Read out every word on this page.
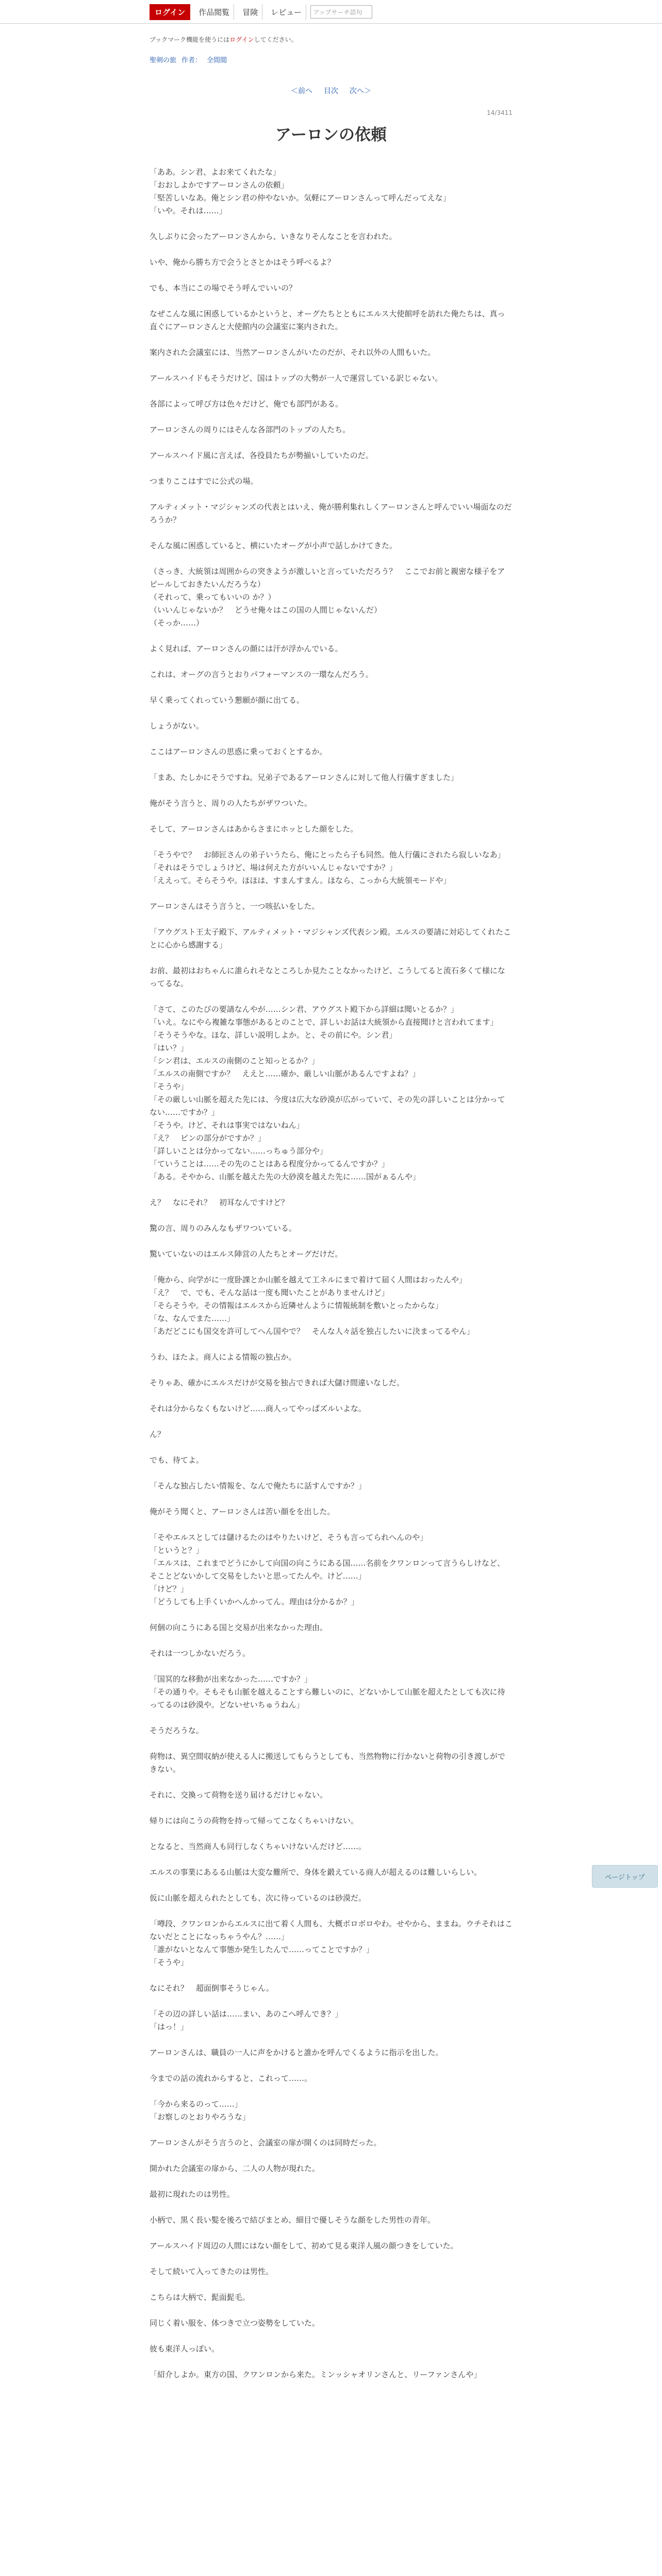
ログイン	作品閲覧	冒険	レビュー	アップサーチ語句
ブックマーク機能を使うにはログインしてください。
聖剣の旅 作者： 全間閲
＜前へ 目次 次へ＞
14/3411
アーロンの依頼

「ああ。シン君、よお来てくれたな」
「おおしよかですアーロンさんの依頼」
「堅苦しいなあ。俺とシン君の仲やないか。気軽にアーロンさんって呼んだってえな」
「いや。それは……」

久しぶりに会ったアーロンさんから、いきなりそんなことを言われた。

いや、俺から勝ち方で会うとさとかはそう呼べるよ？

でも、本当にこの場でそう呼んでいいの？

なぜこんな風に困惑しているかというと、オーグたちとともにエルス大使館呼を訪れた俺たちは、真っ直ぐにアーロンさんと大使館内の会議室に案内された。

案内された会議室には、当然アーロンさんがいたのだが、それ以外の人間もいた。

アールスハイドもそうだけど、国はトップの大勢が一人で運営している訳じゃない。

各部によって呼び方は色々だけど、俺でも部門がある。

アーロンさんの周りにはそんな各部門のトップの人たち。

アールスハイド風に言えば、各役員たちが勢揃いしていたのだ。

つまりここはすでに公式の場。

アルティメット・マジシャンズの代表とはいえ、俺が勝利集れしくアーロンさんと呼んでいい場面なのだろうか？

そんな風に困惑していると、横にいたオーグが小声で話しかけてきた。

（さっき、大統領は周囲からの突きようが激しいと言っていただろう？　ここでお前と親密な様子をアピールしておきたいんだろうな）
（それって、乗ってもいいの か？）
（いいんじゃないか？　どうせ俺々はこの国の人間じゃないんだ）
（そっか……）

よく見れば、アーロンさんの顔には汗が浮かんでいる。

これは、オーグの言うとおりパフォーマンスの一環なんだろう。

早く乗ってくれっていう懇願が顔に出てる。

しょうがない。

ここはアーロンさんの思惑に乗っておくとするか。

「まあ、たしかにそうですね。兄弟子であるアーロンさんに対して他人行儀すぎました」

俺がそう言うと、周りの人たちがザワついた。

そして、アーロンさんはあからさまにホッとした顔をした。

「そうやで？　お師匠さんの弟子いうたら、俺にとったら子も同然。他人行儀にされたら寂しいなあ」
「それはそうでしょうけど、場は何えた方がいいんじゃないですか？」
「ええって。そらそうや。ほほは、すまんすまん。ほなら、こっから大統領モードや」

アーロンさんはそう言うと、一つ咳払いをした。

「アウグスト王太子殿下、アルティメット・マジシャンズ代表シン殿。エルスの要請に対応してくれたことに心から感謝する」

お前、最初はおちゃんに誰られそなところしか見たことなかったけど、こうしてると流石多くて様になってるな。

「さて、このたびの要請なんやが……シン君、アウグスト殿下から詳細は聞いとるか？」
「いえ。なにやら複雑な事態があるとのことで、詳しいお話は大統領から直接聞けと言われてます」
「そうそうやな。ほな、詳しい説明しよか。と、その前にや。シン君」
「はい？」
「シン君は、エルスの南側のこと知っとるか？」
「エルスの南側ですか？　ええと……確か、厳しい山脈があるんですよね？」
「そうや」
「その厳しい山脈を超えた先には、今度は広大な砂漠が広がっていて、その先の詳しいことは分かってない……ですか？」
「そうや。けど、それは事実ではないねん」
「え？　ピンの部分がですか？」
「詳しいことは分かってない……っちゅう部分や」
「ていうことは……その先のことはある程度分かってるんですか？」
「ある。そやから、山脈を越えた先の大砂漠を越えた先に……国がぁるんや」

え？　なにそれ？　初耳なんですけど？

驚の言、周りのみんなもザワついている。

驚いていないのはエルス陣営の人たちとオーグだけだ。

「俺から、向学がに一度卧課とか山脈を越えて工ネルにまで着けて届く人間はおったんや」
「え？　で、でも、そんな話は一度も聞いたことがありませんけど」
「そらそうや。その情報はエルスから近隣せんように情報統制を敷いとったからな」
「な、なんでまた……」
「あだどこにも国交を許可してへん国やで？　そんな人々話を独占したいに決まってるやん」

うわ、ほたよ。商人による情報の独占か。

そりゃあ、確かにエルスだけが交易を独占できれば大儲け間違いなしだ。

それは分からなくもないけど……商人ってやっぱズルいよな。

ん？

でも、待てよ。

「そんな独占したい情報を、なんで俺たちに話すんですか？」

俺がそう聞くと、アーロンさんは苦い顔をを出した。

「そやエルスとしては儲けるたのはやりたいけど、そうも言ってられへんのや」
「というと？」
「エルスは、これまでどうにかして向国の向こうにある国……名前をクワンロンって言うらしけなど、そことどないかして交易をしたいと思ってたんや。けど……」
「けど？」
「どうしても上手くいかへんかってん。理由は分かるか？」

何個の向こうにある国と交易が出来なかった理由。

それは一つしかないだろう。

「国冥的な移動が出来なかった……ですか？」
「その通りや。そもそも山脈を越えることすら難しいのに、どないかして山脈を超えたとしても次に待ってるのは砂漠や。どないせいちゅうねん」

そうだろうな。

荷物は、異空間収納が使える人に搬送してもらうとしても、当然物物に行かないと荷物の引き渡しができない。

それに、交換って荷物を送り届けるだけじゃない。

帰りには向こうの荷物を持って帰ってこなくちゃいけない。

となると、当然商人も同行しなくちゃいけないんだけど……。

エルスの事業にあるる山脈は大変な難所で、身体を鍛えている商人が超えるのは難しいらしい。

仮に山脈を超えられたとしても、次に待っているのは砂漠だ。

「噂段、クワンロンからエルスに出て着く人間も、大概ボロボロやわ。せやから、ままね。ウチそれはこないだとことになっちゃうやん？……」
「誰がないとなんて事態か発生したんで……ってことですか？」
「そうや」

なにそれ？　超面倒事そうじゃん。

「その辺の詳しい話は……まい、あのこへ呼んでき？」
「はっ！」

アーロンさんは、職員の一人に声をかけると誰かを呼んでくるように指示を出した。

今までの話の流れからすると、これって……。

「今から来るのって……」
「お察しのとおりやろうな」

アーロンさんがそう言うのと、会議室の扉が開くのは同時だった。

開かれた会議室の扉から、二人の人物が現れた。

最初に現れたのは男性。

小柄で、黒く長い髪を後ろで結びまとめ、細目で優しそうな顔をした男性の青年。

アールスハイド周辺の人間にはない顔をして、初めて見る東洋人風の顔つきをしていた。

そして続いて入ってきたのは男性。

こちらは大柄で、髭面髭毛。

同じく着い服を、体つきで立つ姿勢をしていた。

彼も東洋人っぽい。

「紹介しよか。東方の国、クワンロンから来た。ミンッシャオリンさんと、リーファンさんや」

ページトップ
